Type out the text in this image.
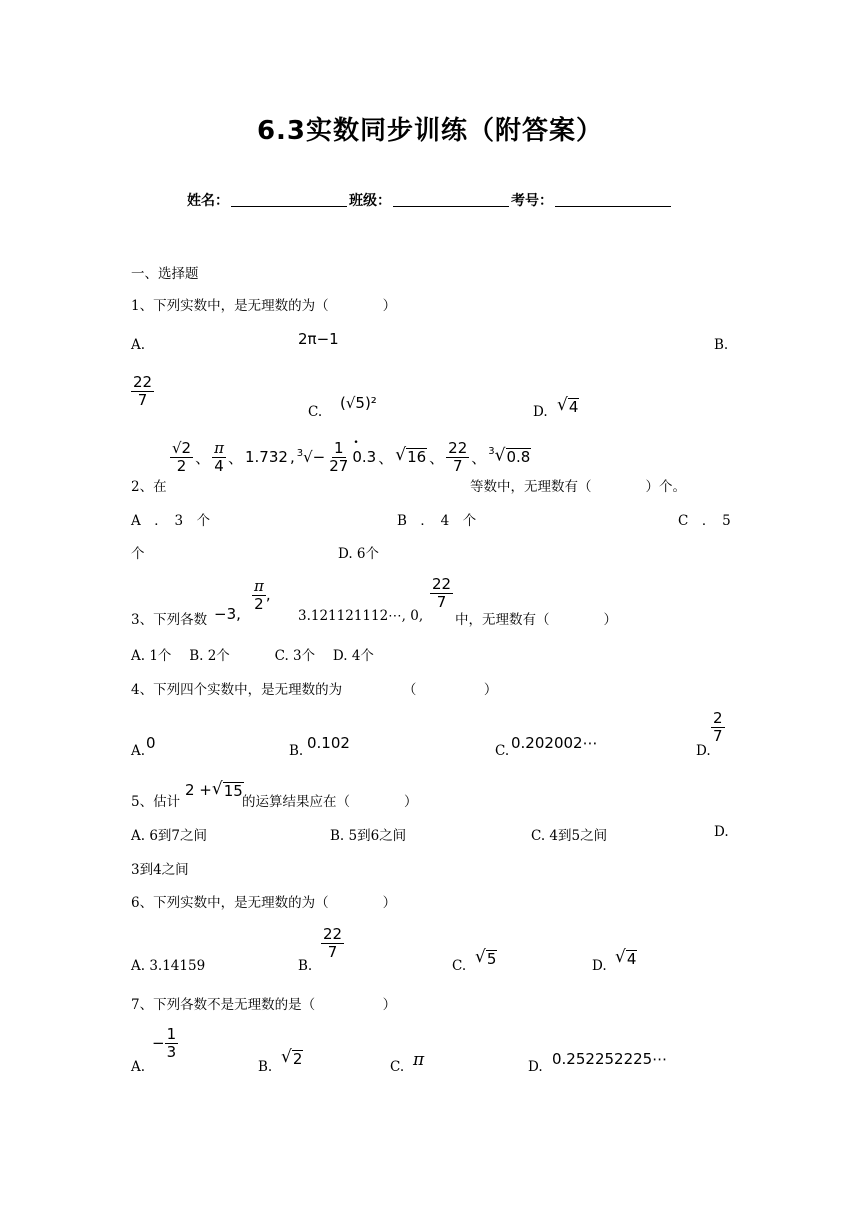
6.3实数同步训练（附答案）
姓名：	班级：	考号：
一、选择题
1、下列实数中，是无理数的为（　　　　）
A.	2π−1	B.
$\frac{22}{7}$
C. (√5)²	D. √ 4
2、在
$\frac{√2}{2}$ 、 $\frac{\pi}{4}$ 、 1.732 , $^3√- \frac{1}{27} 0.3$ • 、 √ 16 、 $\frac{22}{7}$ 、 $^3$√ 0.8
等数中，无理数有（　　　　）个。
A　．　3　个	B　．　4　个	C　．　5
个	D. 6个
3、下列各数 −3,
$\frac{\pi}{2}$ ,
3.121121112⋯, 0,
$\frac{22}{7}$
中，无理数有（　　　　）
A. 1个　 B. 2个　　　 C. 3个　 D. 4个
4、下列四个实数中，是无理数的为　　　　　（　　　　　）
A. 0	B. 0.102	C. 0.202002⋯	D.
$\frac{2}{7}$
5、估计
2 + √ 15
的运算结果应在（　　　　）
A. 6到7之间	B. 5到6之间	C. 4到5之间	D.
3到4之间
6、下列实数中，是无理数的为（　　　　）
A. 3.14159	B.
$\frac{22}{7}$
C. √ 5	D. √ 4
7、下列各数不是无理数的是（　　　　　）
A.
− $\frac{1}{3}$
B. √ 2	C. π	D. 0.252252225⋯
